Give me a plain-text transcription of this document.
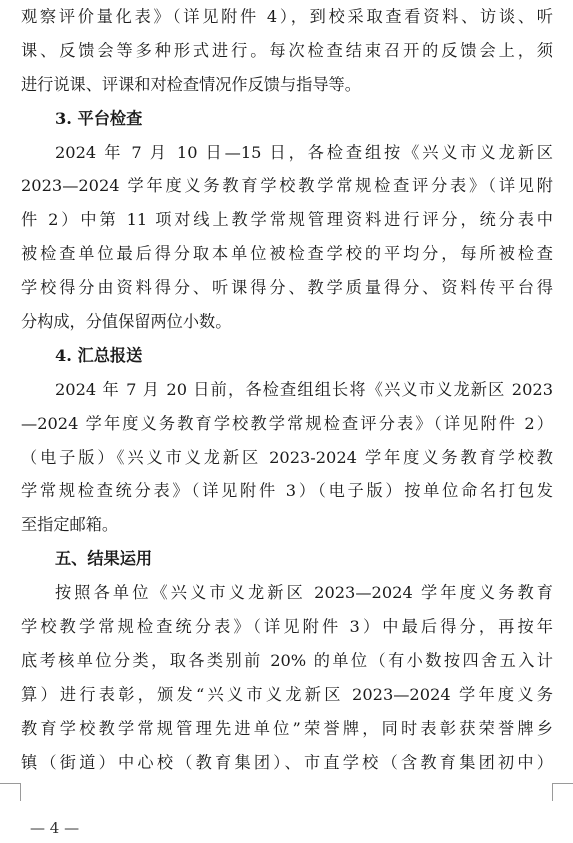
观察评价量化表》（详见附件 4），到校采取查看资料、访谈、听
课、反馈会等多种形式进行。每次检查结束召开的反馈会上，须
进行说课、评课和对检查情况作反馈与指导等。
3. 平台检查
2024 年 7 月 10 日—15 日，各检查组按《兴义市义龙新区
2023—2024 学年度义务教育学校教学常规检查评分表》（详见附
件 2）中第 11 项对线上教学常规管理资料进行评分，统分表中
被检查单位最后得分取本单位被检查学校的平均分，每所被检查
学校得分由资料得分、听课得分、教学质量得分、资料传平台得
分构成，分值保留两位小数。
4. 汇总报送
2024 年 7 月 20 日前，各检查组组长将《兴义市义龙新区 2023
—2024 学年度义务教育学校教学常规检查评分表》（详见附件 2）
（电子版）《兴义市义龙新区 2023-2024 学年度义务教育学校教
学常规检查统分表》（详见附件 3）（电子版）按单位命名打包发
至指定邮箱。
五、结果运用
按照各单位《兴义市义龙新区 2023—2024 学年度义务教育
学校教学常规检查统分表》（详见附件 3）中最后得分，再按年
底考核单位分类，取各类别前 20% 的单位（有小数按四舍五入计
算）进行表彰，颁发“兴义市义龙新区 2023—2024 学年度义务
教育学校教学常规管理先进单位”荣誉牌，同时表彰获荣誉牌乡
镇（街道）中心校（教育集团）、市直学校（含教育集团初中）
— 4 —
